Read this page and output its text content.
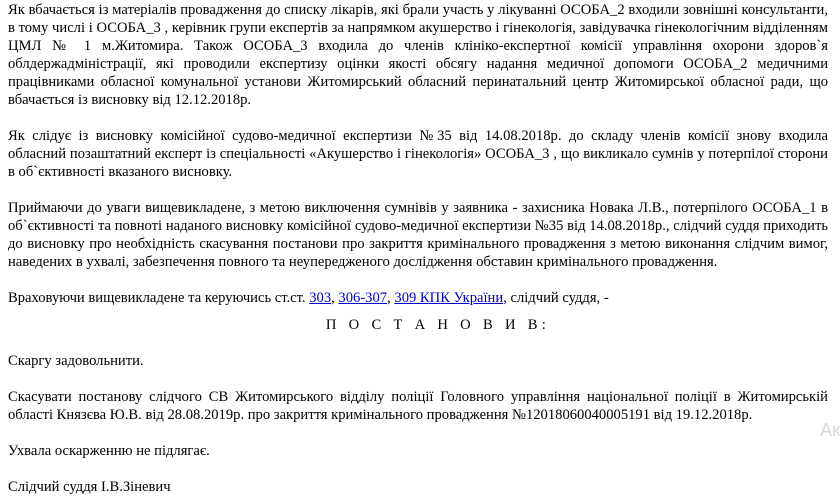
Як вбачається із матеріалів провадження до списку лікарів, які брали участь у лікуванні ОСОБА_2 входили зовнішні консультанти, в тому числі і ОСОБА_3 , керівник групи експертів за напрямком акушерство і гінекологія, завідувачка гінекологічним відділенням ЦМЛ № 1 м.Житомира. Також ОСОБА_3 входила до членів клініко-експертної комісії управління охорони здоров`я облдержадміністрації, які проводили експертизу оцінки якості обсягу надання медичної допомоги ОСОБА_2 медичними працівниками обласної комунальної установи Житомирський обласний перинатальний центр Житомирської обласної ради, що вбачається із висновку від 12.12.2018р.

Як слідує із висновку комісійної судово-медичної експертизи №35 від 14.08.2018р. до складу членів комісії знову входила обласний позаштатний експерт із спеціальності «Акушерство і гінекологія» ОСОБА_3 , що викликало сумнів у потерпілої сторони в об`єктивності вказаного висновку.

Приймаючи до уваги вищевикладене, з метою виключення сумнівів у заявника - захисника Новака Л.В., потерпілого ОСОБА_1 в об`єктивності та повноті наданого висновку комісійної судово-медичної експертизи №35 від 14.08.2018р., слідчий суддя приходить до висновку про необхідність скасування постанови про закриття кримінального провадження з метою виконання слідчим вимог, наведених в ухвалі, забезпечення повного та неупередженого дослідження обставин кримінального провадження.

Враховуючи вищевикладене та керуючись ст.ст. 303, 306-307, 309 КПК України, слідчий суддя, -

П О С Т А Н О В И В:

Скаргу задовольнити.

Скасувати постанову слідчого СВ Житомирського відділу поліції Головного управління національної поліції в Житомирській області Князєва Ю.В. від 28.08.2019р. про закриття кримінального провадження №12018060040005191 від 19.12.2018р.

Ухвала оскарженню не підлягає.

Слідчий суддя І.В.Зіневич

Ак
